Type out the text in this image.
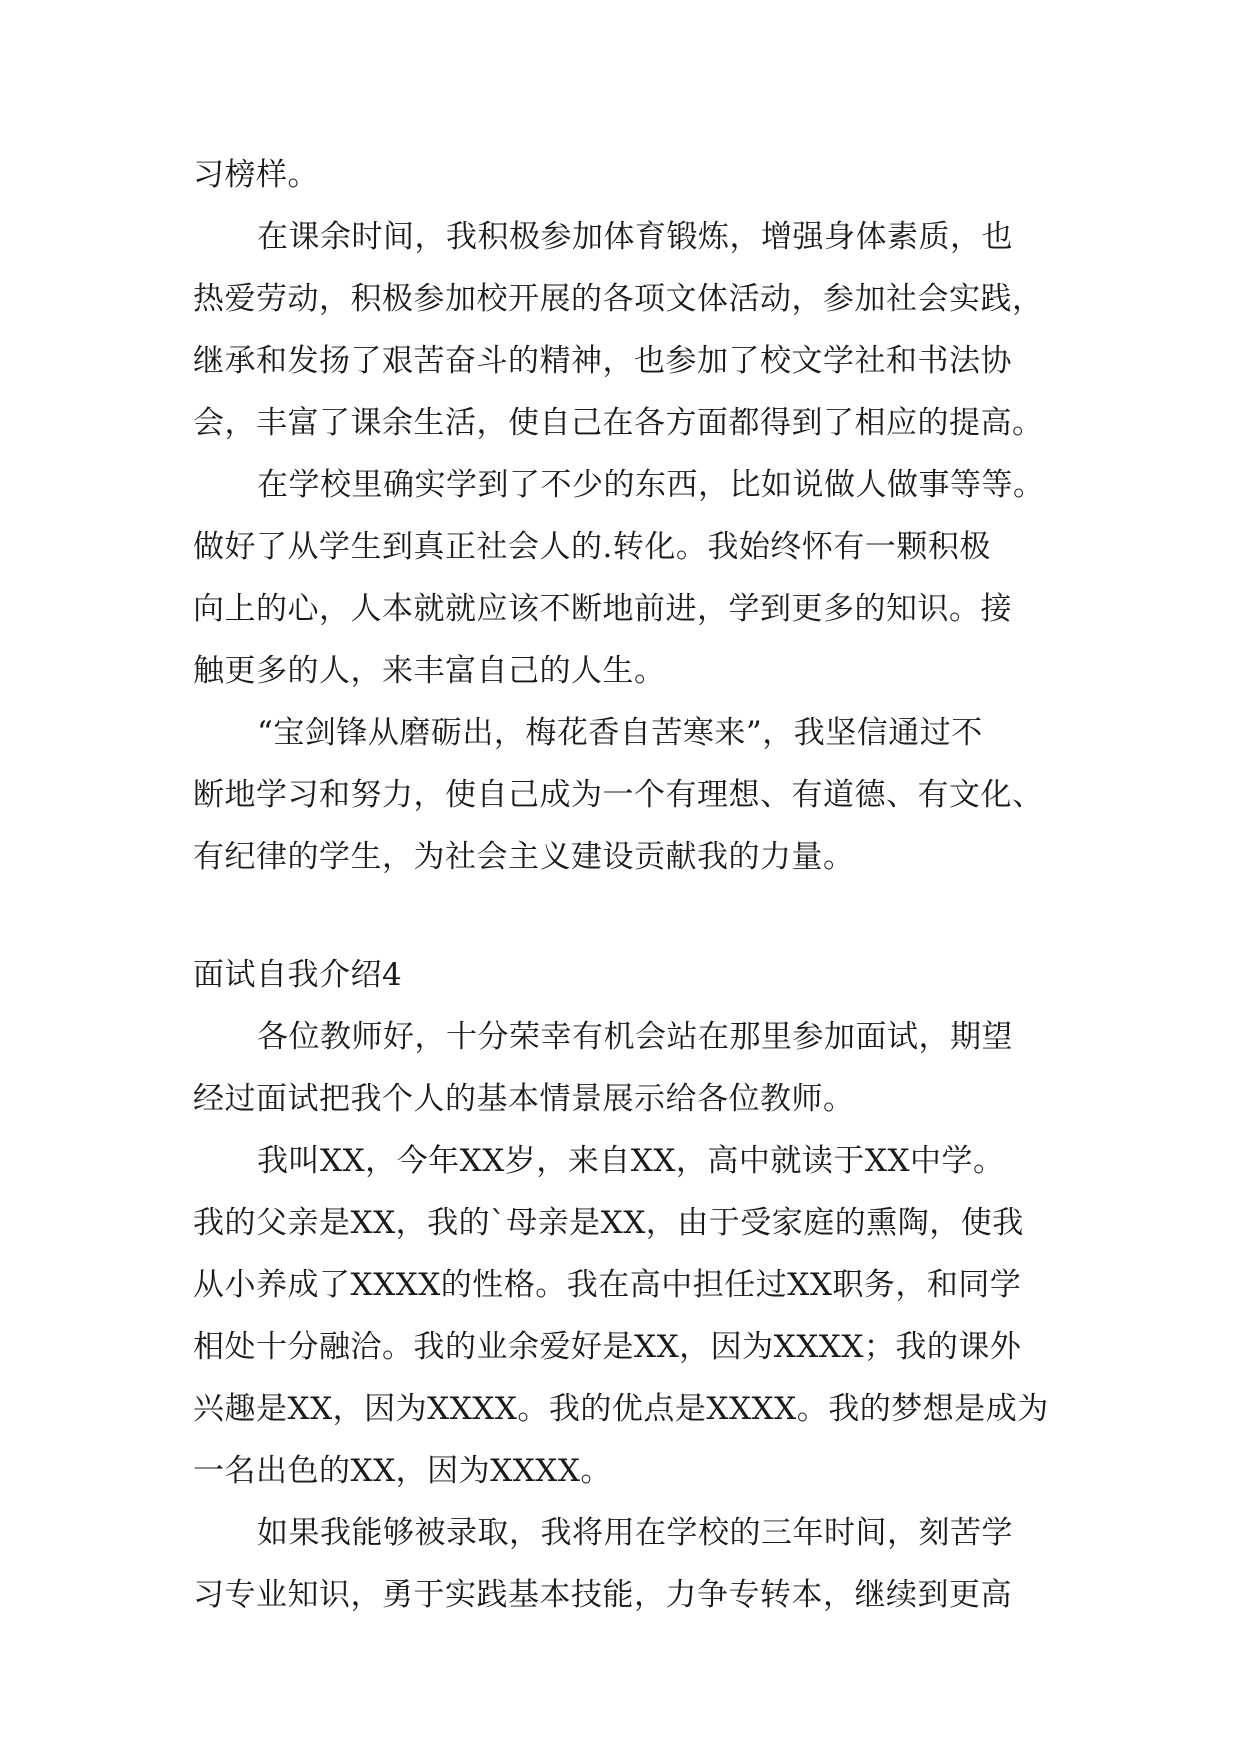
习榜样。
在课余时间，我积极参加体育锻炼，增强身体素质，也
热爱劳动，积极参加校开展的各项文体活动，参加社会实践，
继承和发扬了艰苦奋斗的精神，也参加了校文学社和书法协
会，丰富了课余生活，使自己在各方面都得到了相应的提高。
在学校里确实学到了不少的东西，比如说做人做事等等。
做好了从学生到真正社会人的.转化。我始终怀有一颗积极
向上的心，人本就就应该不断地前进，学到更多的知识。接
触更多的人，来丰富自己的人生。
“宝剑锋从磨砺出，梅花香自苦寒来”，我坚信通过不
断地学习和努力，使自己成为一个有理想、有道德、有文化、
有纪律的学生，为社会主义建设贡献我的力量。
面试自我介绍4
各位教师好，十分荣幸有机会站在那里参加面试，期望
经过面试把我个人的基本情景展示给各位教师。
我叫XX，今年XX岁，来自XX，高中就读于XX中学。
我的父亲是XX，我的`母亲是XX，由于受家庭的熏陶，使我
从小养成了XXXX的性格。我在高中担任过XX职务，和同学
相处十分融洽。我的业余爱好是XX，因为XXXX；我的课外
兴趣是XX，因为XXXX。我的优点是XXXX。我的梦想是成为
一名出色的XX，因为XXXX。
如果我能够被录取，我将用在学校的三年时间，刻苦学
习专业知识，勇于实践基本技能，力争专转本，继续到更高
